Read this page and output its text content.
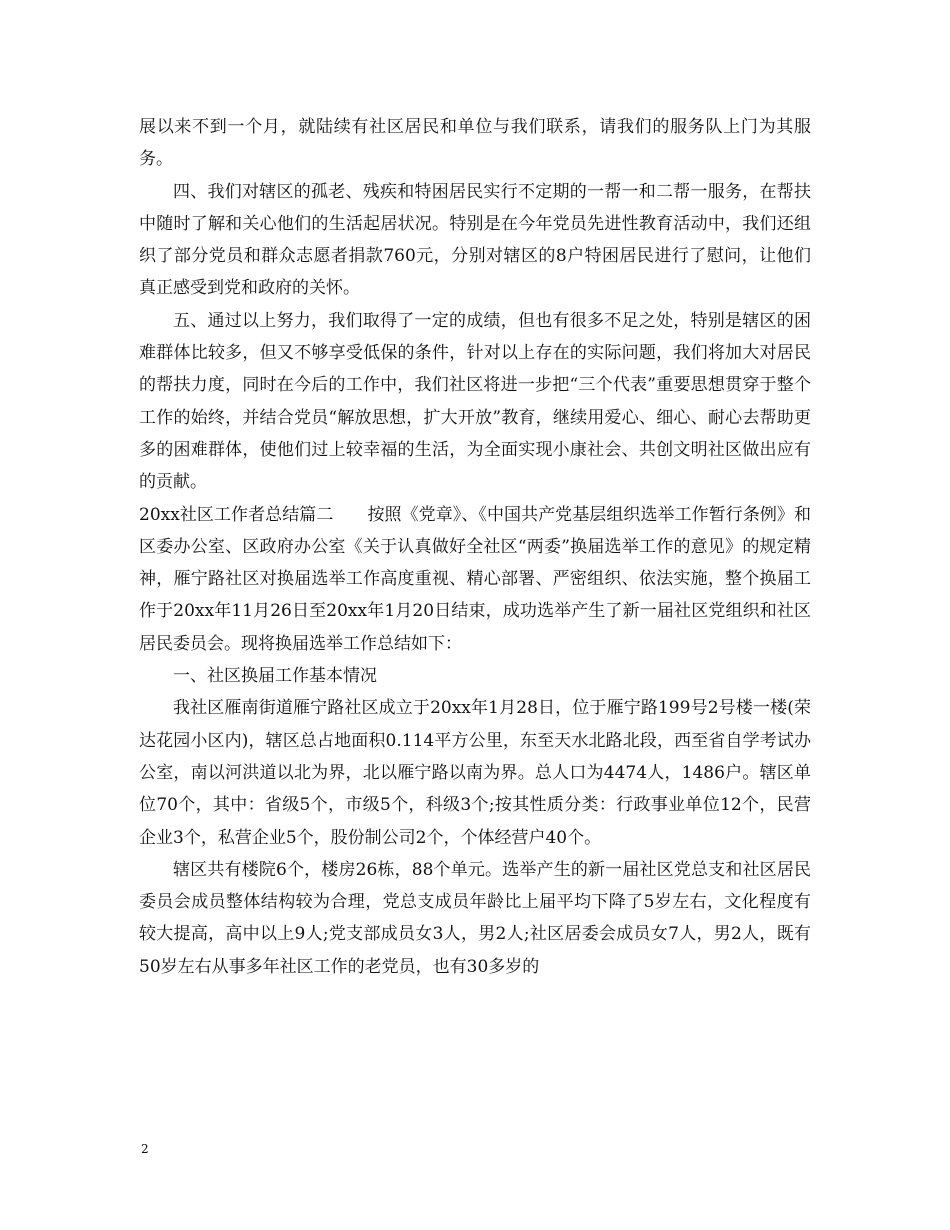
展以来不到一个月，就陆续有社区居民和单位与我们联系，请我们的服务队上门为其服务。

四、我们对辖区的孤老、残疾和特困居民实行不定期的一帮一和二帮一服务，在帮扶中随时了解和关心他们的生活起居状况。特别是在今年党员先进性教育活动中，我们还组织了部分党员和群众志愿者捐款760元，分别对辖区的8户特困居民进行了慰问，让他们真正感受到党和政府的关怀。

五、通过以上努力，我们取得了一定的成绩，但也有很多不足之处，特别是辖区的困难群体比较多，但又不够享受低保的条件，针对以上存在的实际问题，我们将加大对居民的帮扶力度，同时在今后的工作中，我们社区将进一步把“三个代表”重要思想贯穿于整个工作的始终，并结合党员“解放思想，扩大开放”教育，继续用爱心、细心、耐心去帮助更多的困难群体，使他们过上较幸福的生活，为全面实现小康社会、共创文明社区做出应有的贡献。

20xx社区工作者总结篇二　　按照《党章》、《中国共产党基层组织选举工作暂行条例》和区委办公室、区政府办公室《关于认真做好全社区“两委”换届选举工作的意见》的规定精神，雁宁路社区对换届选举工作高度重视、精心部署、严密组织、依法实施，整个换届工作于20xx年11月26日至20xx年1月20日结束，成功选举产生了新一届社区党组织和社区居民委员会。现将换届选举工作总结如下：

一、社区换届工作基本情况

我社区雁南街道雁宁路社区成立于20xx年1月28日，位于雁宁路199号2号楼一楼(荣达花园小区内)，辖区总占地面积0.114平方公里，东至天水北路北段，西至省自学考试办公室，南以河洪道以北为界，北以雁宁路以南为界。总人口为4474人，1486户。辖区单位70个，其中：省级5个，市级5个，科级3个;按其性质分类：行政事业单位12个，民营企业3个，私营企业5个，股份制公司2个，个体经营户40个。

辖区共有楼院6个，楼房26栋，88个单元。选举产生的新一届社区党总支和社区居民委员会成员整体结构较为合理，党总支成员年龄比上届平均下降了5岁左右，文化程度有较大提高，高中以上9人;党支部成员女3人，男2人;社区居委会成员女7人，男2人，既有50岁左右从事多年社区工作的老党员，也有30多岁的

2
